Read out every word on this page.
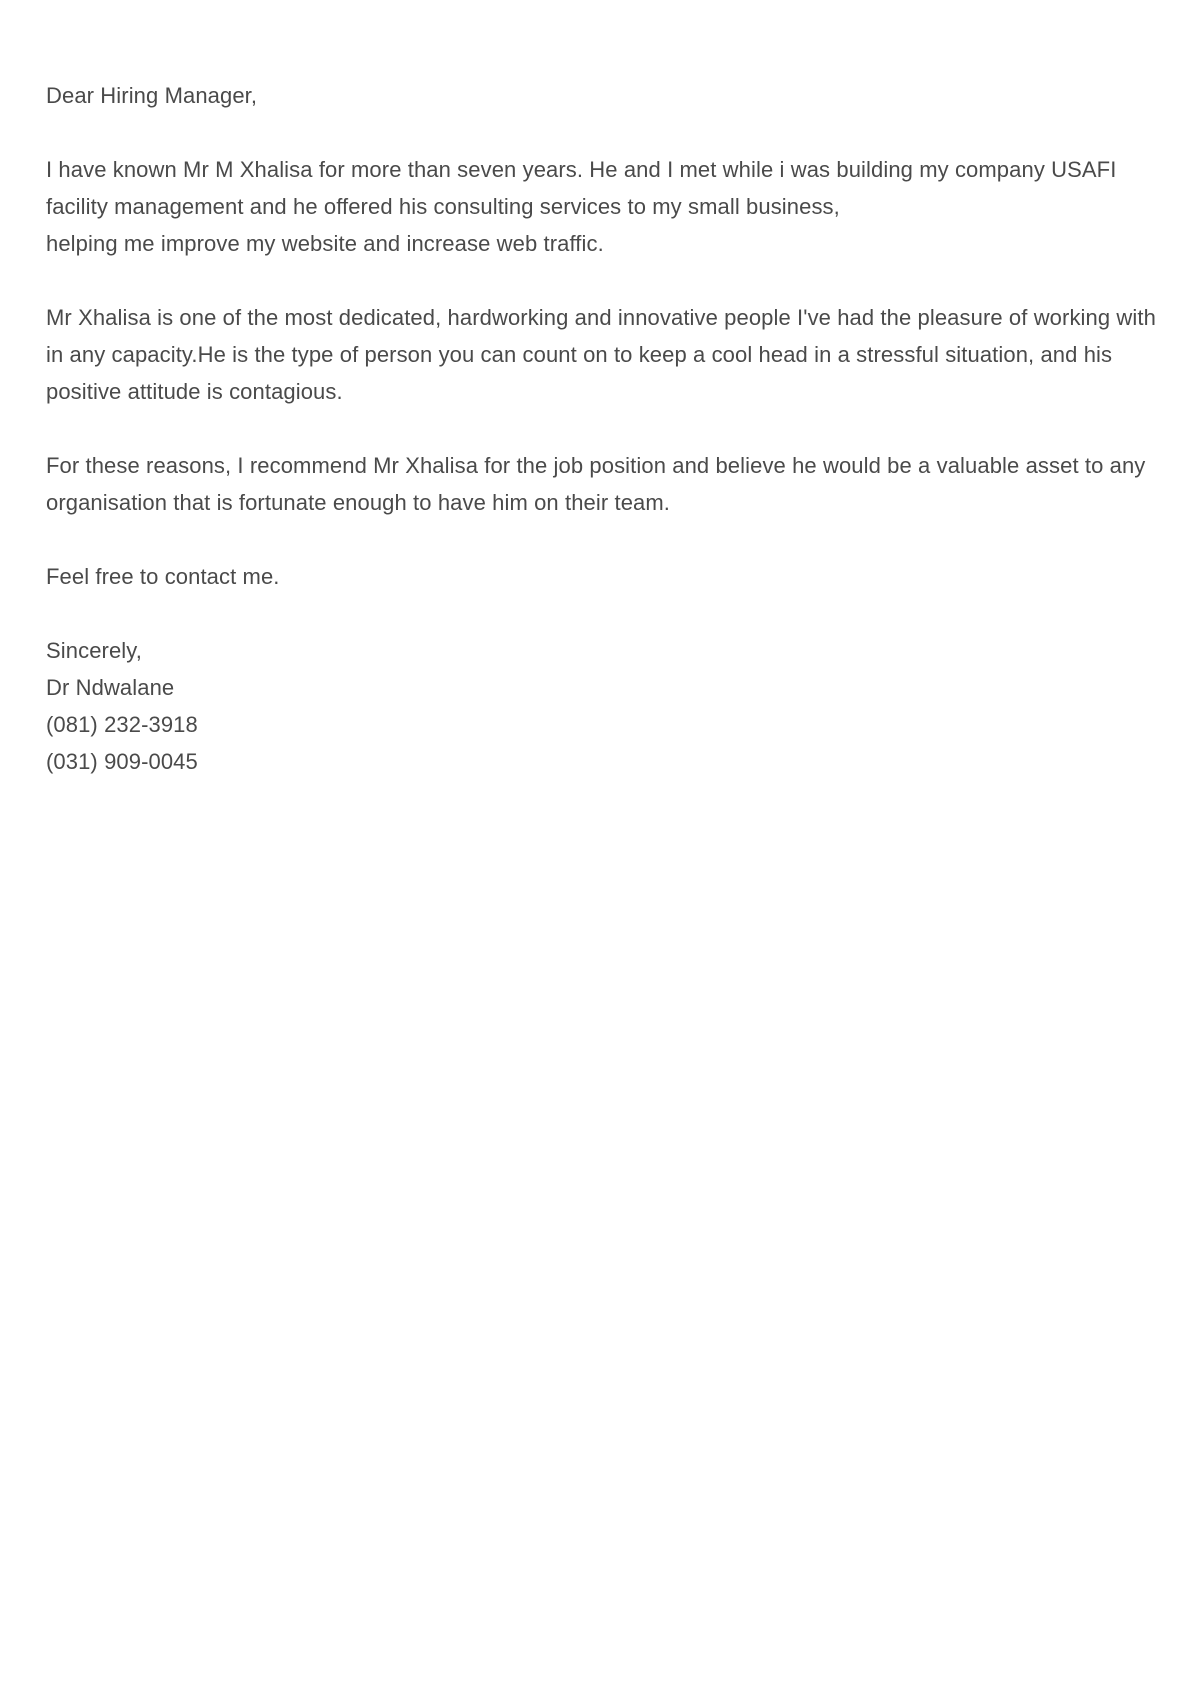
Dear Hiring Manager,

I have known Mr M Xhalisa for more than seven years. He and I met while i was building my company USAFI facility management and he offered his consulting services to my small business,
helping me improve my website and increase web traffic.

Mr Xhalisa is one of the most dedicated, hardworking and innovative people I've had the pleasure of working with in any capacity.He is the type of person you can count on to keep a cool head in a stressful situation, and his positive attitude is contagious.

For these reasons, I recommend Mr Xhalisa for the job position and believe he would be a valuable asset to any organisation that is fortunate enough to have him on their team.

Feel free to contact me.

Sincerely,
Dr Ndwalane
(081) 232-3918
(031) 909-0045
